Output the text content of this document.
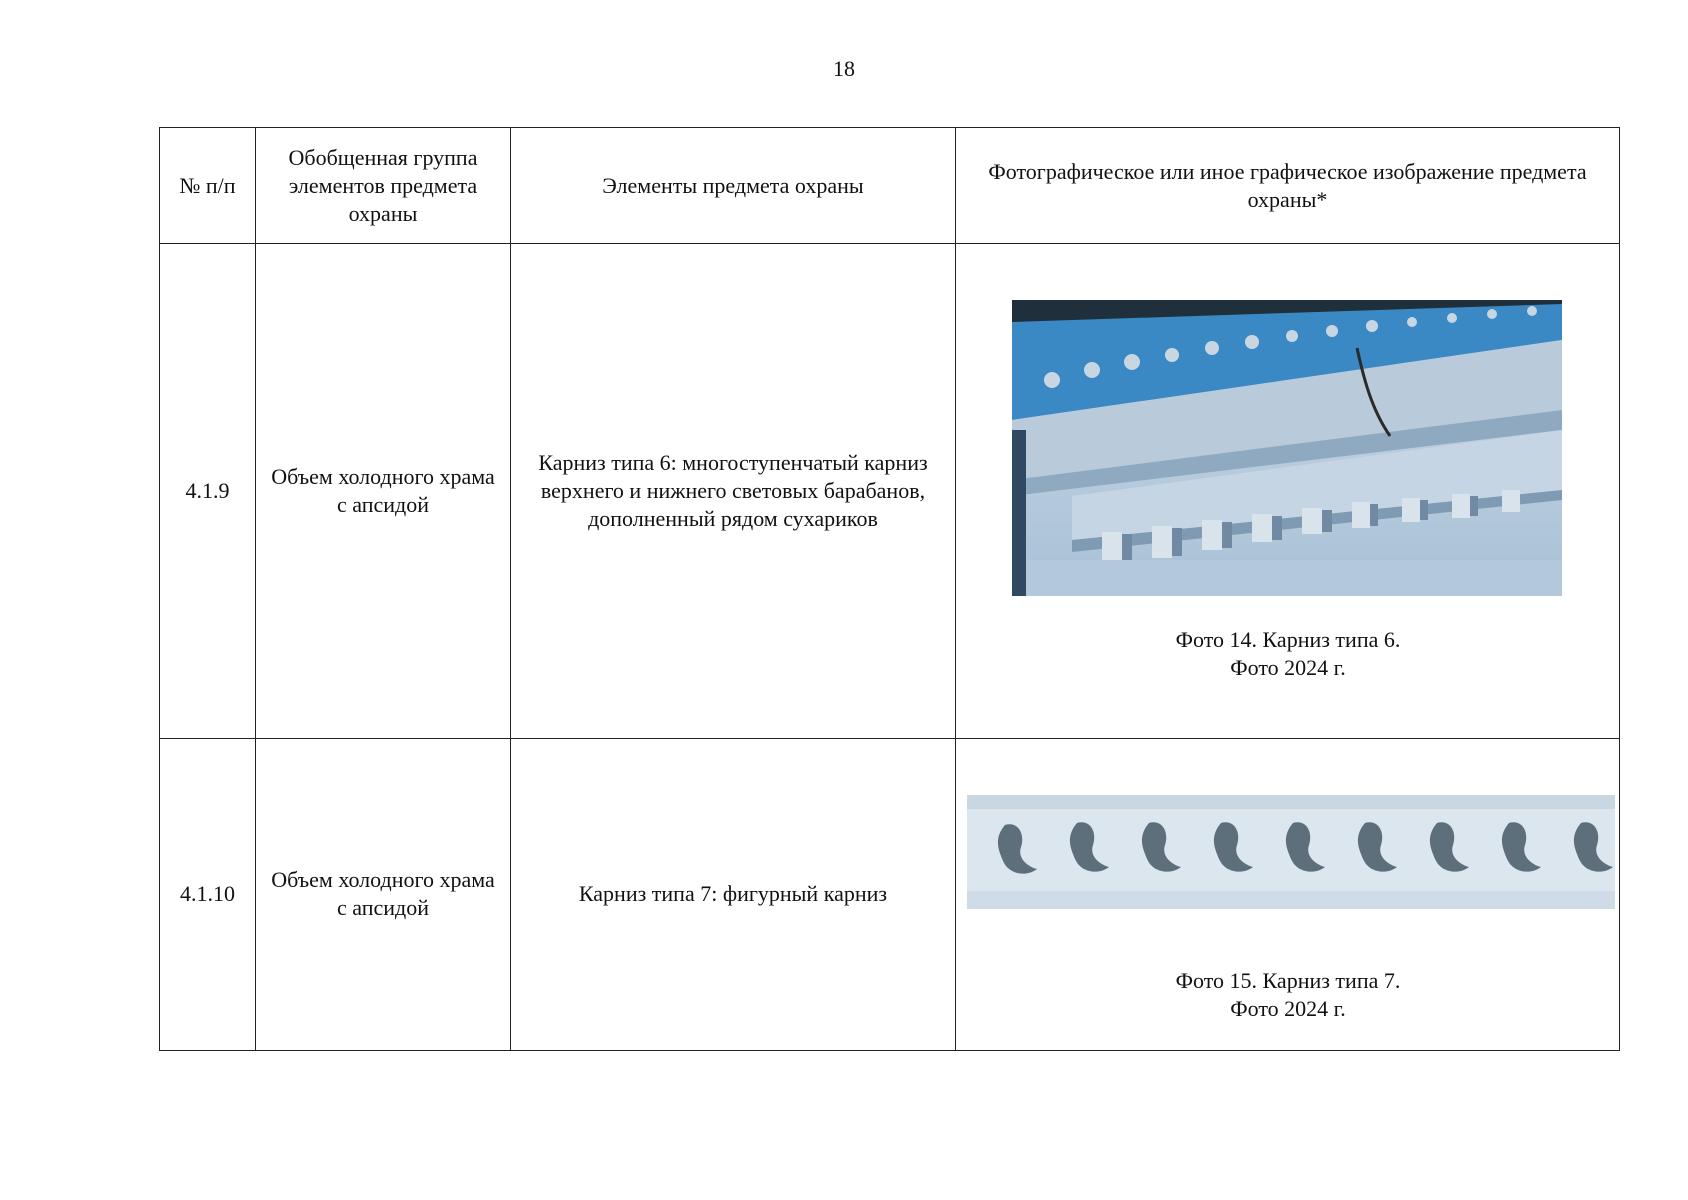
18
№ п/п	Обобщенная группа элементов предмета охраны	Элементы предмета охраны	Фотографическое или иное графическое изображение предмета охраны*
4.1.9	Объем холодного храма с апсидой	Карниз типа 6: многоступенчатый карниз верхнего и нижнего световых барабанов, дополненный рядом сухариков	Фото 14. Карниз типа 6.
Фото 2024 г.

4.1.10	Объем холодного храма с апсидой	Карниз типа 7: фигурный карниз	Фото 15. Карниз типа 7.
Фото 2024 г.
